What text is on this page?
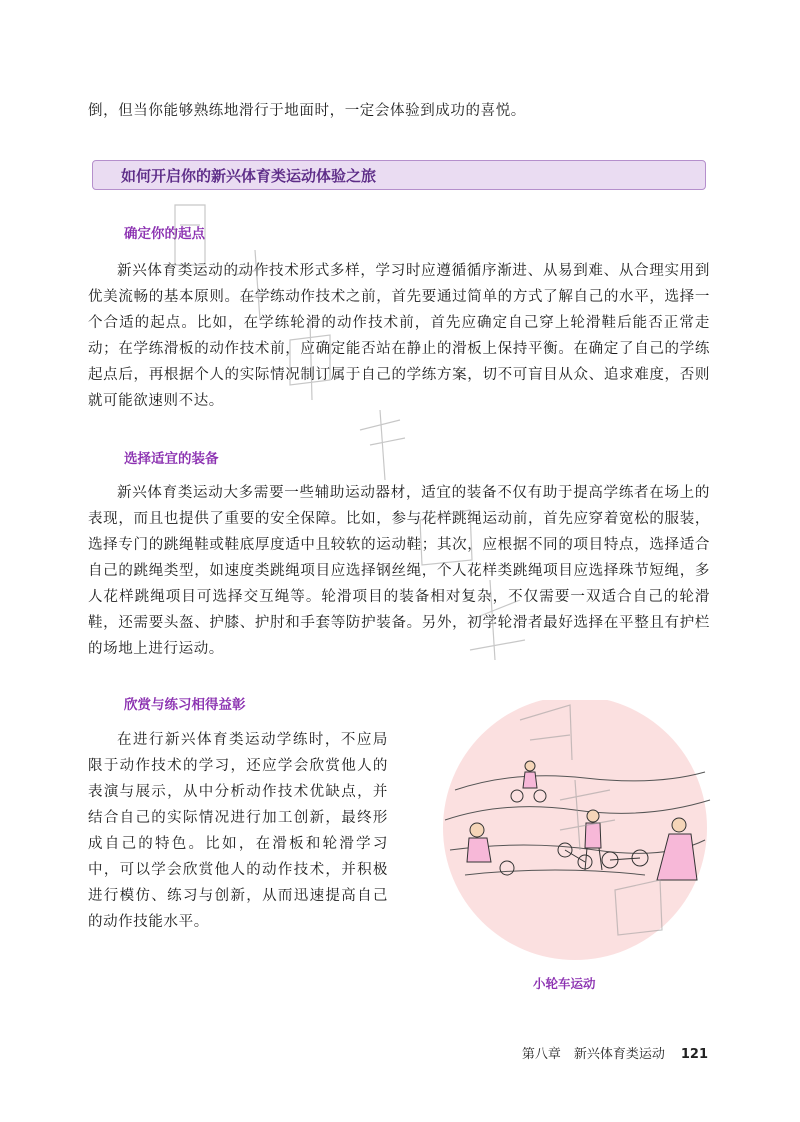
倒，但当你能够熟练地滑行于地面时，一定会体验到成功的喜悦。

如何开启你的新兴体育类运动体验之旅

确定你的起点

新兴体育类运动的动作技术形式多样，学习时应遵循循序渐进、从易到难、从合理实用到优美流畅的基本原则。在学练动作技术之前，首先要通过简单的方式了解自己的水平，选择一个合适的起点。比如，在学练轮滑的动作技术前，首先应确定自己穿上轮滑鞋后能否正常走动；在学练滑板的动作技术前，应确定能否站在静止的滑板上保持平衡。在确定了自己的学练起点后，再根据个人的实际情况制订属于自己的学练方案，切不可盲目从众、追求难度，否则就可能欲速则不达。

选择适宜的装备

新兴体育类运动大多需要一些辅助运动器材，适宜的装备不仅有助于提高学练者在场上的表现，而且也提供了重要的安全保障。比如，参与花样跳绳运动前，首先应穿着宽松的服装，选择专门的跳绳鞋或鞋底厚度适中且较软的运动鞋；其次，应根据不同的项目特点，选择适合自己的跳绳类型，如速度类跳绳项目应选择钢丝绳，个人花样类跳绳项目应选择珠节短绳，多人花样跳绳项目可选择交互绳等。轮滑项目的装备相对复杂，不仅需要一双适合自己的轮滑鞋，还需要头盔、护膝、护肘和手套等防护装备。另外，初学轮滑者最好选择在平整且有护栏的场地上进行运动。

欣赏与练习相得益彰

在进行新兴体育类运动学练时，不应局限于动作技术的学习，还应学会欣赏他人的表演与展示，从中分析动作技术优缺点，并结合自己的实际情况进行加工创新，最终形成自己的特色。比如，在滑板和轮滑学习中，可以学会欣赏他人的动作技术，并积极进行模仿、练习与创新，从而迅速提高自己的动作技能水平。

小轮车运动
第八章　新兴体育类运动 121
